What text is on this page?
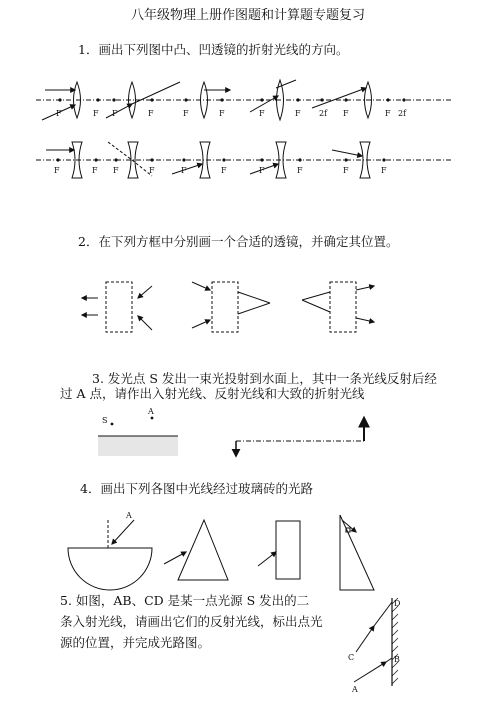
八年级物理上册作图题和计算题专题复习
1．画出下列图中凸、凹透镜的折射光线的方向。
2．在下列方框中分别画一个合适的透镜，并确定其位置。
3. 发光点 S 发出一束光投射到水面上，其中一条光线反射后经
过 A 点，请作出入射光线、反射光线和大致的折射光线
4．画出下列各图中光线经过玻璃砖的光路
5. 如图，AB、CD 是某一点光源 S 发出的二
条入射光线，请画出它们的反射光线，标出点光
源的位置，并完成光路图。
F	F F	F	F	F	F	F 2f F	F 2f
F	F F	F	F	F	F	F	F	F
S
A
A
A
B
C
D
